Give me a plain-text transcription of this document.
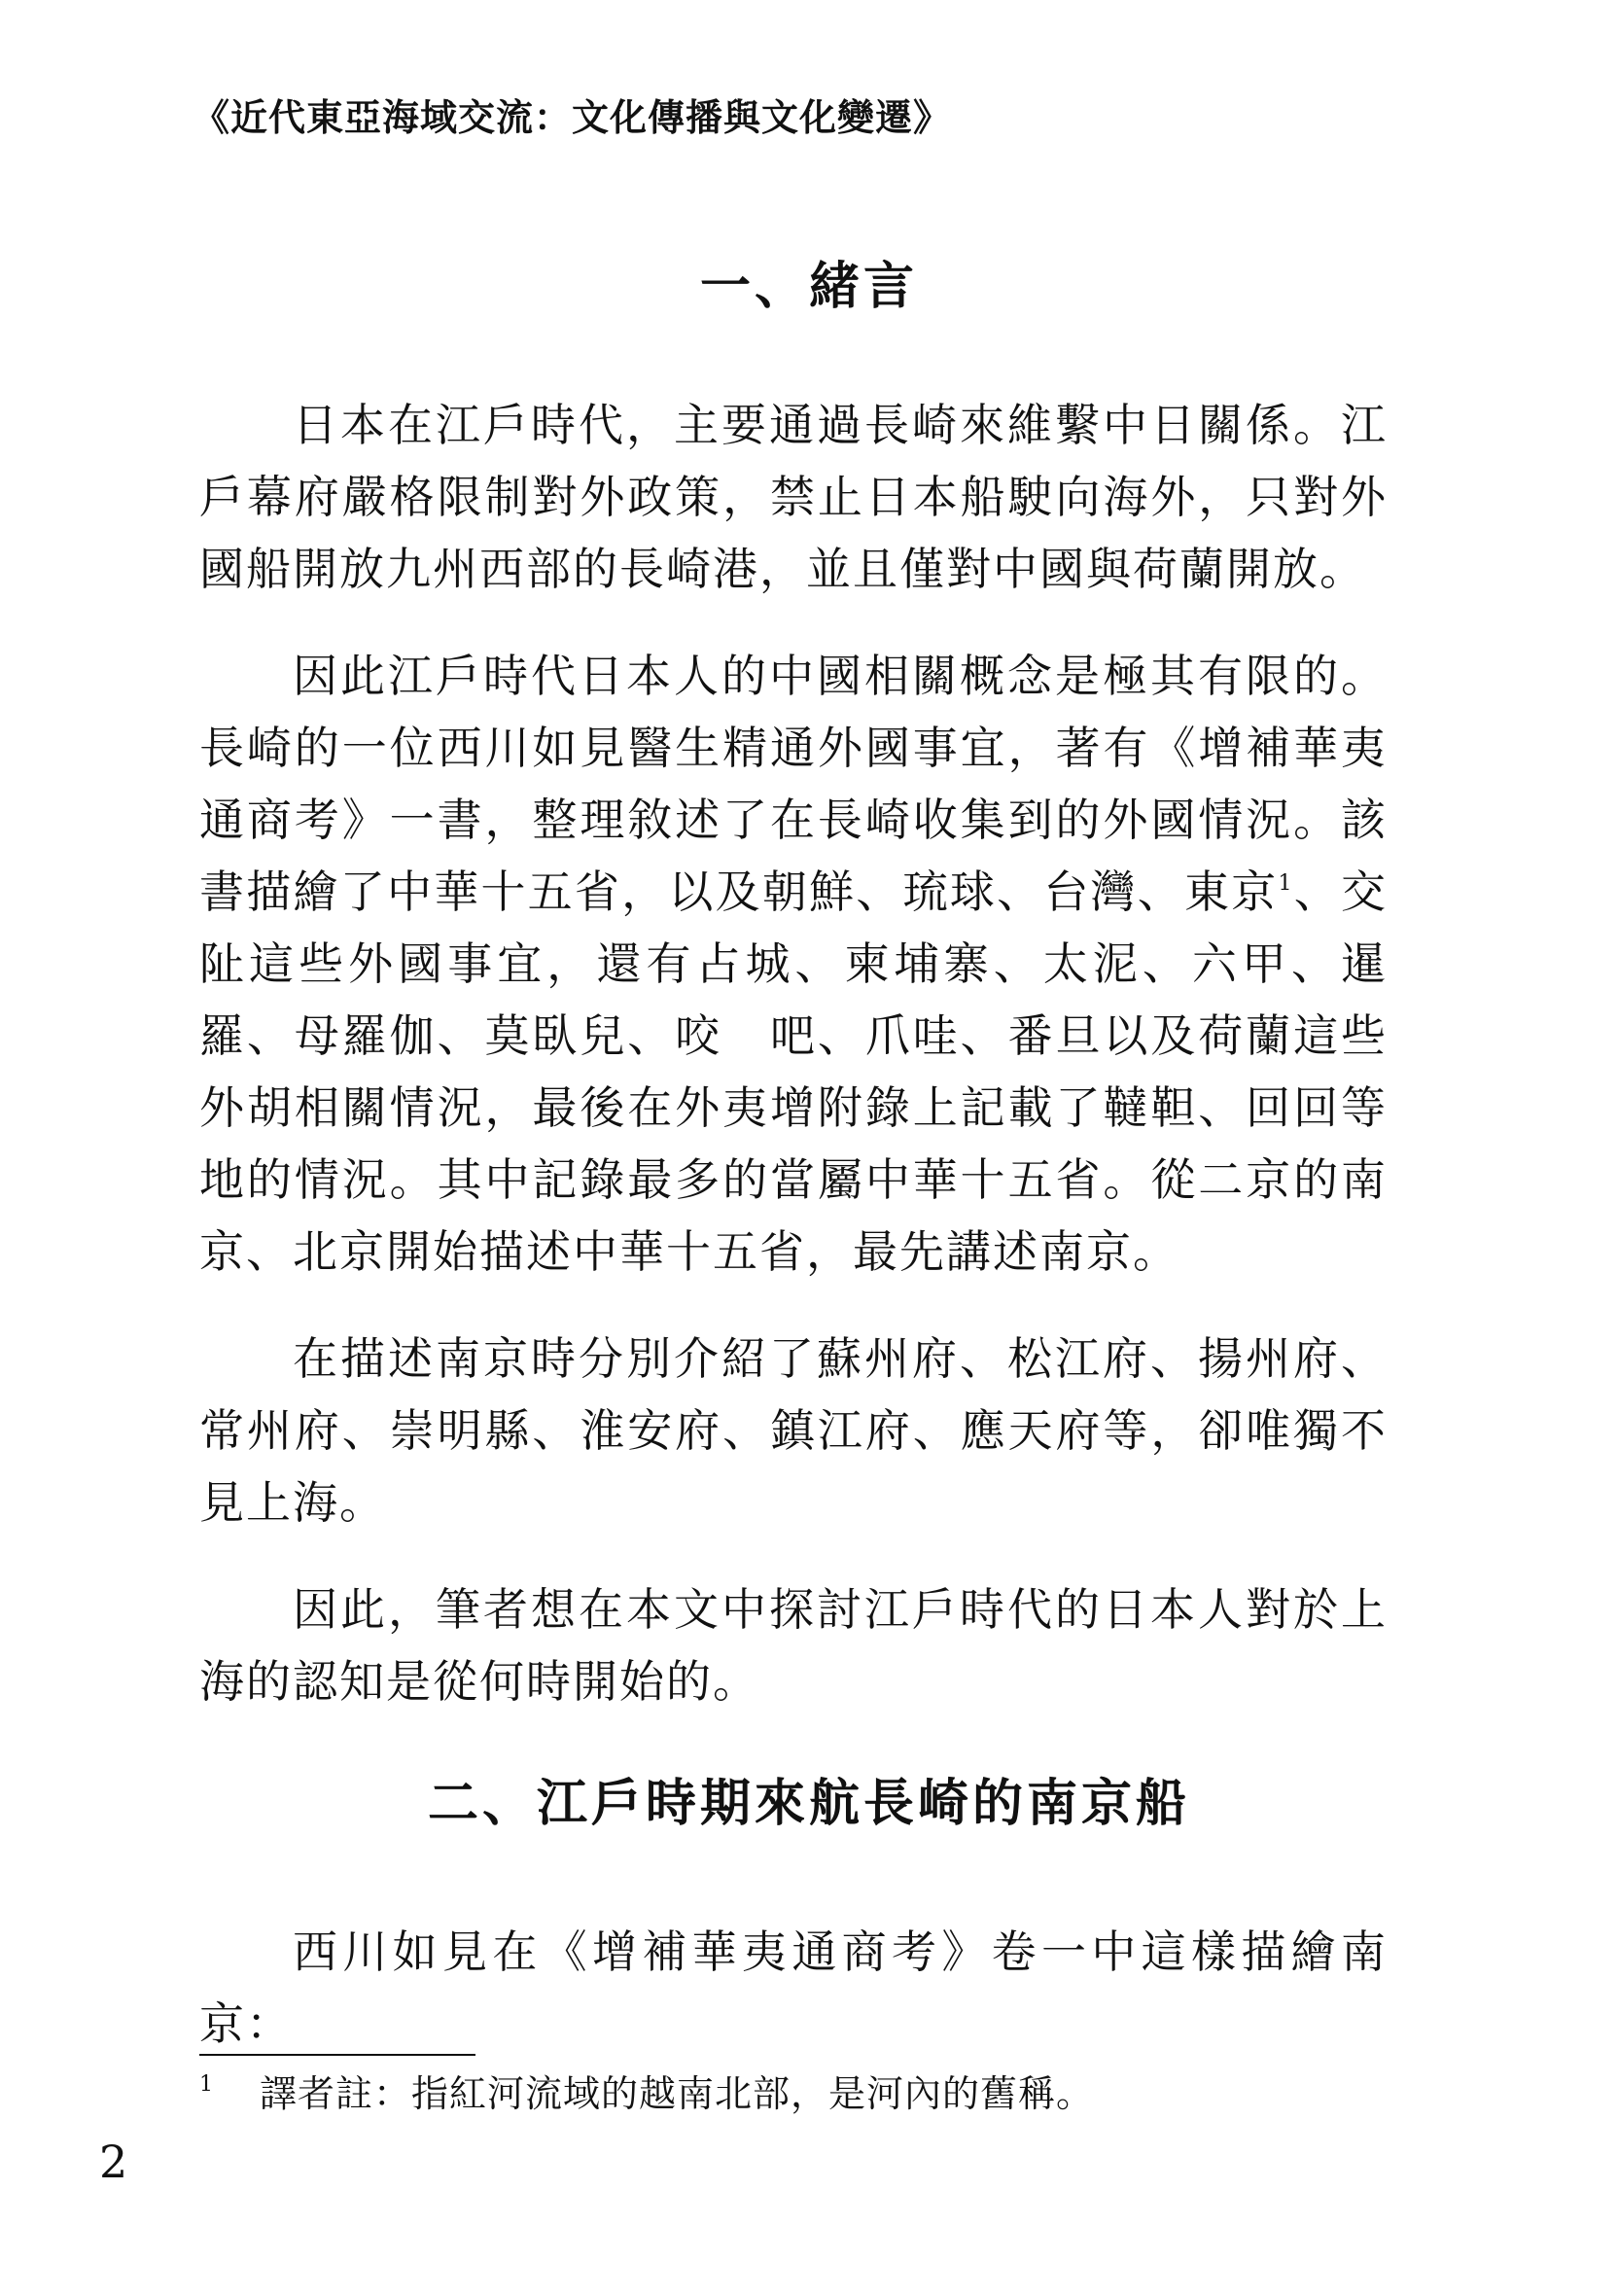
《近代東亞海域交流：文化傳播與文化變遷》
一、緒言

日本在江戶時代，主要通過長崎來維繫中日關係。江戶幕府嚴格限制對外政策，禁止日本船駛向海外，只對外國船開放九州西部的長崎港，並且僅對中國與荷蘭開放。

因此江戶時代日本人的中國相關概念是極其有限的。長崎的一位西川如見醫生精通外國事宜，著有《增補華夷通商考》一書，整理敘述了在長崎收集到的外國情況。該書描繪了中華十五省，以及朝鮮、琉球、台灣、東京$^1$、交阯這些外國事宜，還有占城、柬埔寨、太泥、六甲、暹羅、母羅伽、莫臥兒、咬　吧、爪哇、番旦以及荷蘭這些外胡相關情況，最後在外夷增附錄上記載了韃靼、回回等地的情況。其中記錄最多的當屬中華十五省。從二京的南京、北京開始描述中華十五省，最先講述南京。

在描述南京時分別介紹了蘇州府、松江府、揚州府、常州府、崇明縣、淮安府、鎮江府、應天府等，卻唯獨不見上海。

因此，筆者想在本文中探討江戶時代的日本人對於上海的認知是從何時開始的。

二、江戶時期來航長崎的南京船

西川如見在《增補華夷通商考》卷一中這樣描繪南京：

1 譯者註：指紅河流域的越南北部，是河內的舊稱。
2
